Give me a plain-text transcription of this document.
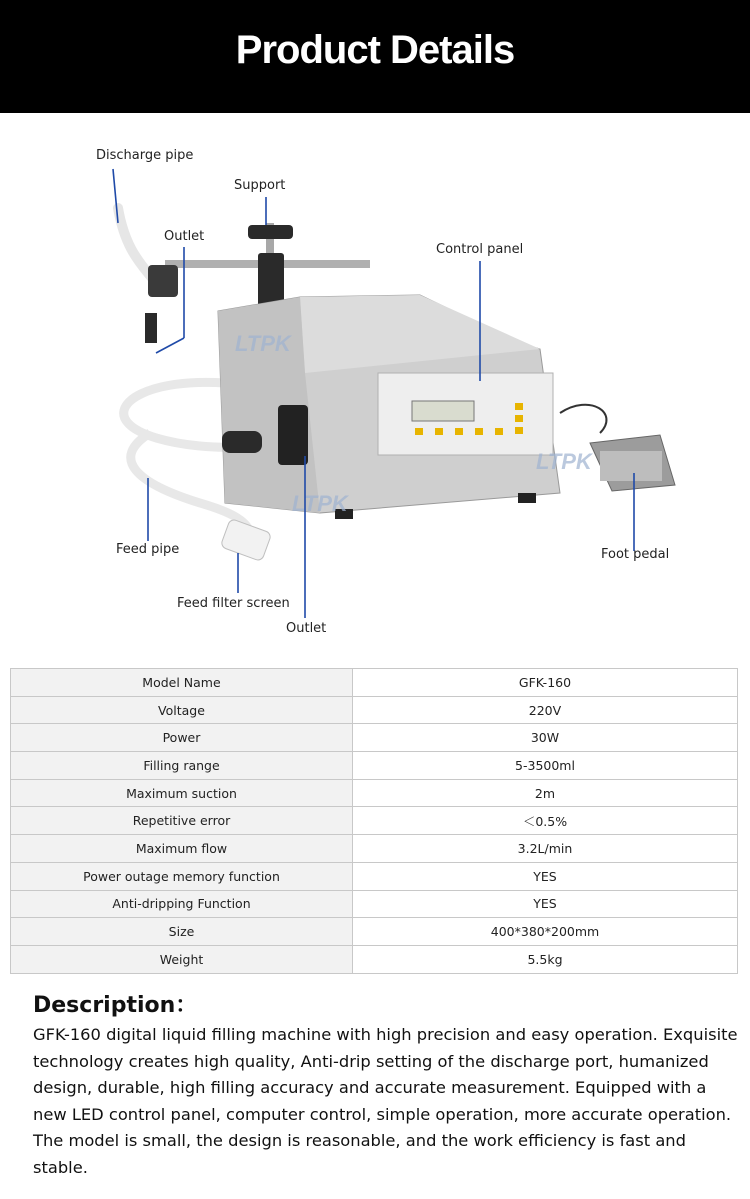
Product Details
LTPK
LTPK
LTPK
Discharge pipe
Support
Outlet
Control panel
Feed pipe	Foot pedal
Feed filter screen
Outlet
Model Name	GFK-160
Voltage	220V
Power	30W
Filling range	5-3500ml
Maximum suction	2m
Repetitive error	＜0.5%
Maximum flow	3.2L/min
Power outage memory function	YES
Anti-dripping Function	YES
Size	400*380*200mm
Weight	5.5kg
Description：
GFK-160 digital liquid filling machine with high precision and easy operation. Exquisite technology creates high quality, Anti-drip setting of the discharge port, humanized design, durable, high filling accuracy and accurate measurement. Equipped with a new LED control panel, computer control, simple operation, more accurate operation. The model is small, the design is reasonable, and the work efficiency is fast and stable.
